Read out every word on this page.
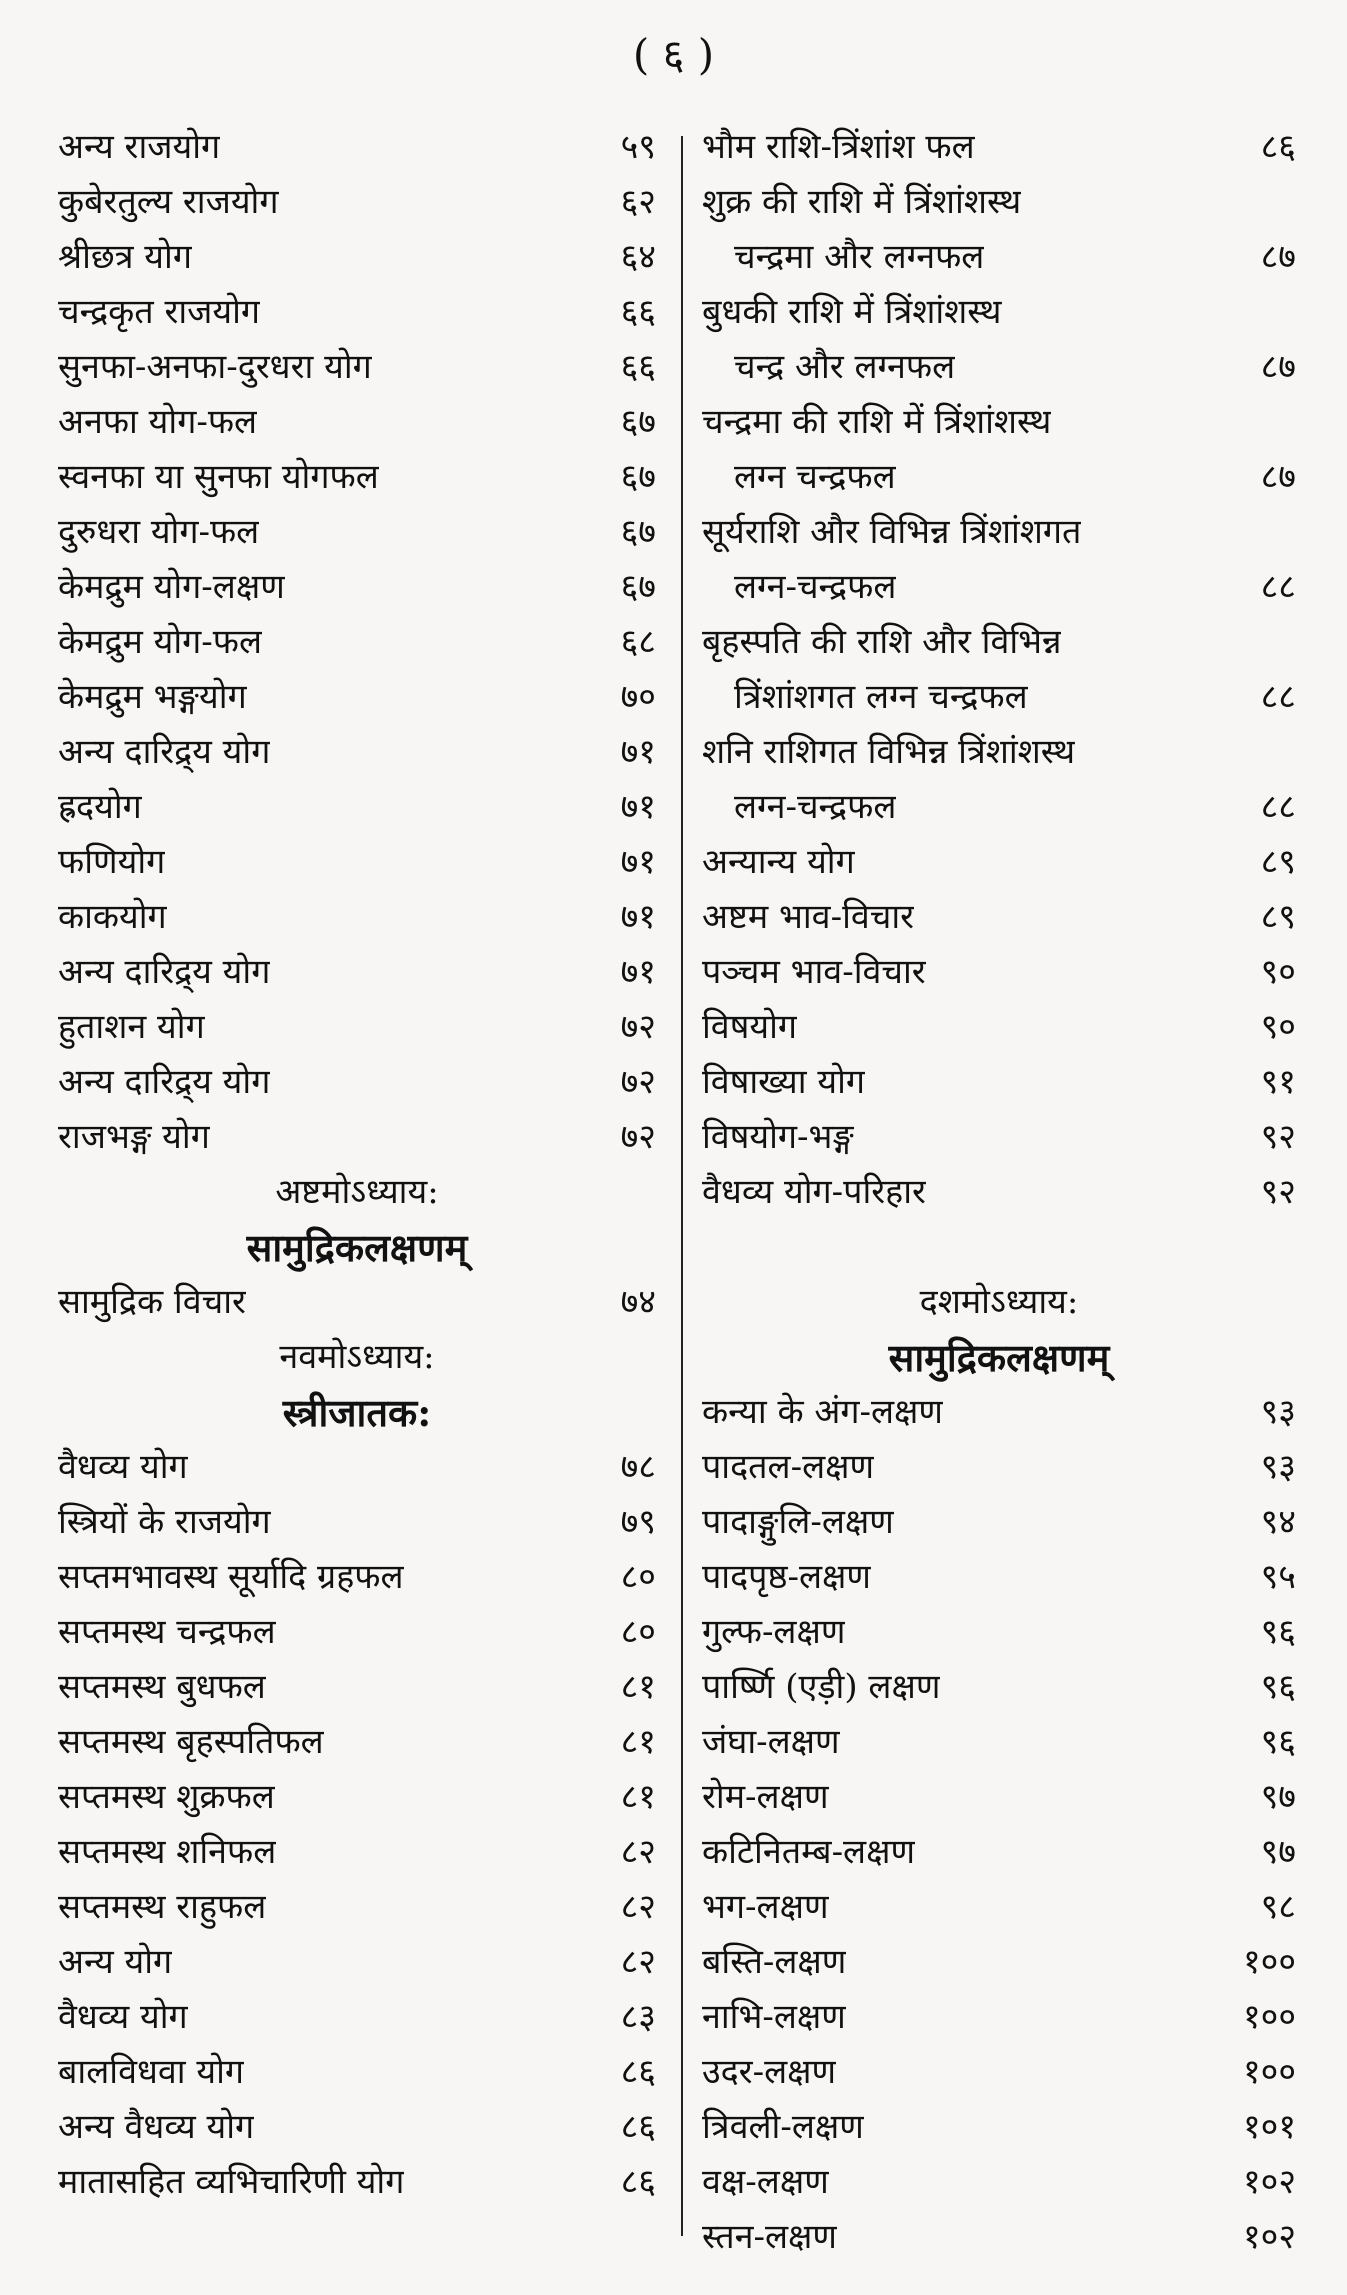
( ६ )
अन्य राजयोग	५९
कुबेरतुल्य राजयोग	६२
श्रीछत्र योग	६४
चन्द्रकृत राजयोग	६६
सुनफा-अनफा-दुरधरा योग	६६
अनफा योग-फल	६७
स्वनफा या सुनफा योगफल	६७
दुरुधरा योग-फल	६७
केमद्रुम योग-लक्षण	६७
केमद्रुम योग-फल	६८
केमद्रुम भङ्गयोग	७०
अन्य दारिद्र्य योग	७१
ह्रदयोग	७१
फणियोग	७१
काकयोग	७१
अन्य दारिद्र्य योग	७१
हुताशन योग	७२
अन्य दारिद्र्य योग	७२
राजभङ्ग योग	७२
अष्टमोऽध्याय:
सामुद्रिकलक्षणम्
सामुद्रिक विचार	७४
नवमोऽध्याय:
स्त्रीजातक:
वैधव्य योग	७८
स्त्रियों के राजयोग	७९
सप्तमभावस्थ सूर्यादि ग्रहफल	८०
सप्तमस्थ चन्द्रफल	८०
सप्तमस्थ बुधफल	८१
सप्तमस्थ बृहस्पतिफल	८१
सप्तमस्थ शुक्रफल	८१
सप्तमस्थ शनिफल	८२
सप्तमस्थ राहुफल	८२
अन्य योग	८२
वैधव्य योग	८३
बालविधवा योग	८६
अन्य वैधव्य योग	८६
मातासहित व्यभिचारिणी योग	८६
भौम राशि-त्रिंशांश फल	८६
शुक्र की राशि में त्रिंशांशस्थ
चन्द्रमा और लग्नफल	८७
बुधकी राशि में त्रिंशांशस्थ
चन्द्र और लग्नफल	८७
चन्द्रमा की राशि में त्रिंशांशस्थ
लग्न चन्द्रफल	८७
सूर्यराशि और विभिन्न त्रिंशांशगत
लग्न-चन्द्रफल	८८
बृहस्पति की राशि और विभिन्न
त्रिंशांशगत लग्न चन्द्रफल	८८
शनि राशिगत विभिन्न त्रिंशांशस्थ
लग्न-चन्द्रफल	८८
अन्यान्य योग	८९
अष्टम भाव-विचार	८९
पञ्चम भाव-विचार	९०
विषयोग	९०
विषाख्या योग	९१
विषयोग-भङ्ग	९२
वैधव्य योग-परिहार	९२
दशमोऽध्याय:
सामुद्रिकलक्षणम्
कन्या के अंग-लक्षण	९३
पादतल-लक्षण	९३
पादाङ्गुलि-लक्षण	९४
पादपृष्ठ-लक्षण	९५
गुल्फ-लक्षण	९६
पार्ष्णि (एड़ी) लक्षण	९६
जंघा-लक्षण	९६
रोम-लक्षण	९७
कटिनितम्ब-लक्षण	९७
भग-लक्षण	९८
बस्ति-लक्षण	१००
नाभि-लक्षण	१००
उदर-लक्षण	१००
त्रिवली-लक्षण	१०१
वक्ष-लक्षण	१०२
स्तन-लक्षण	१०२
